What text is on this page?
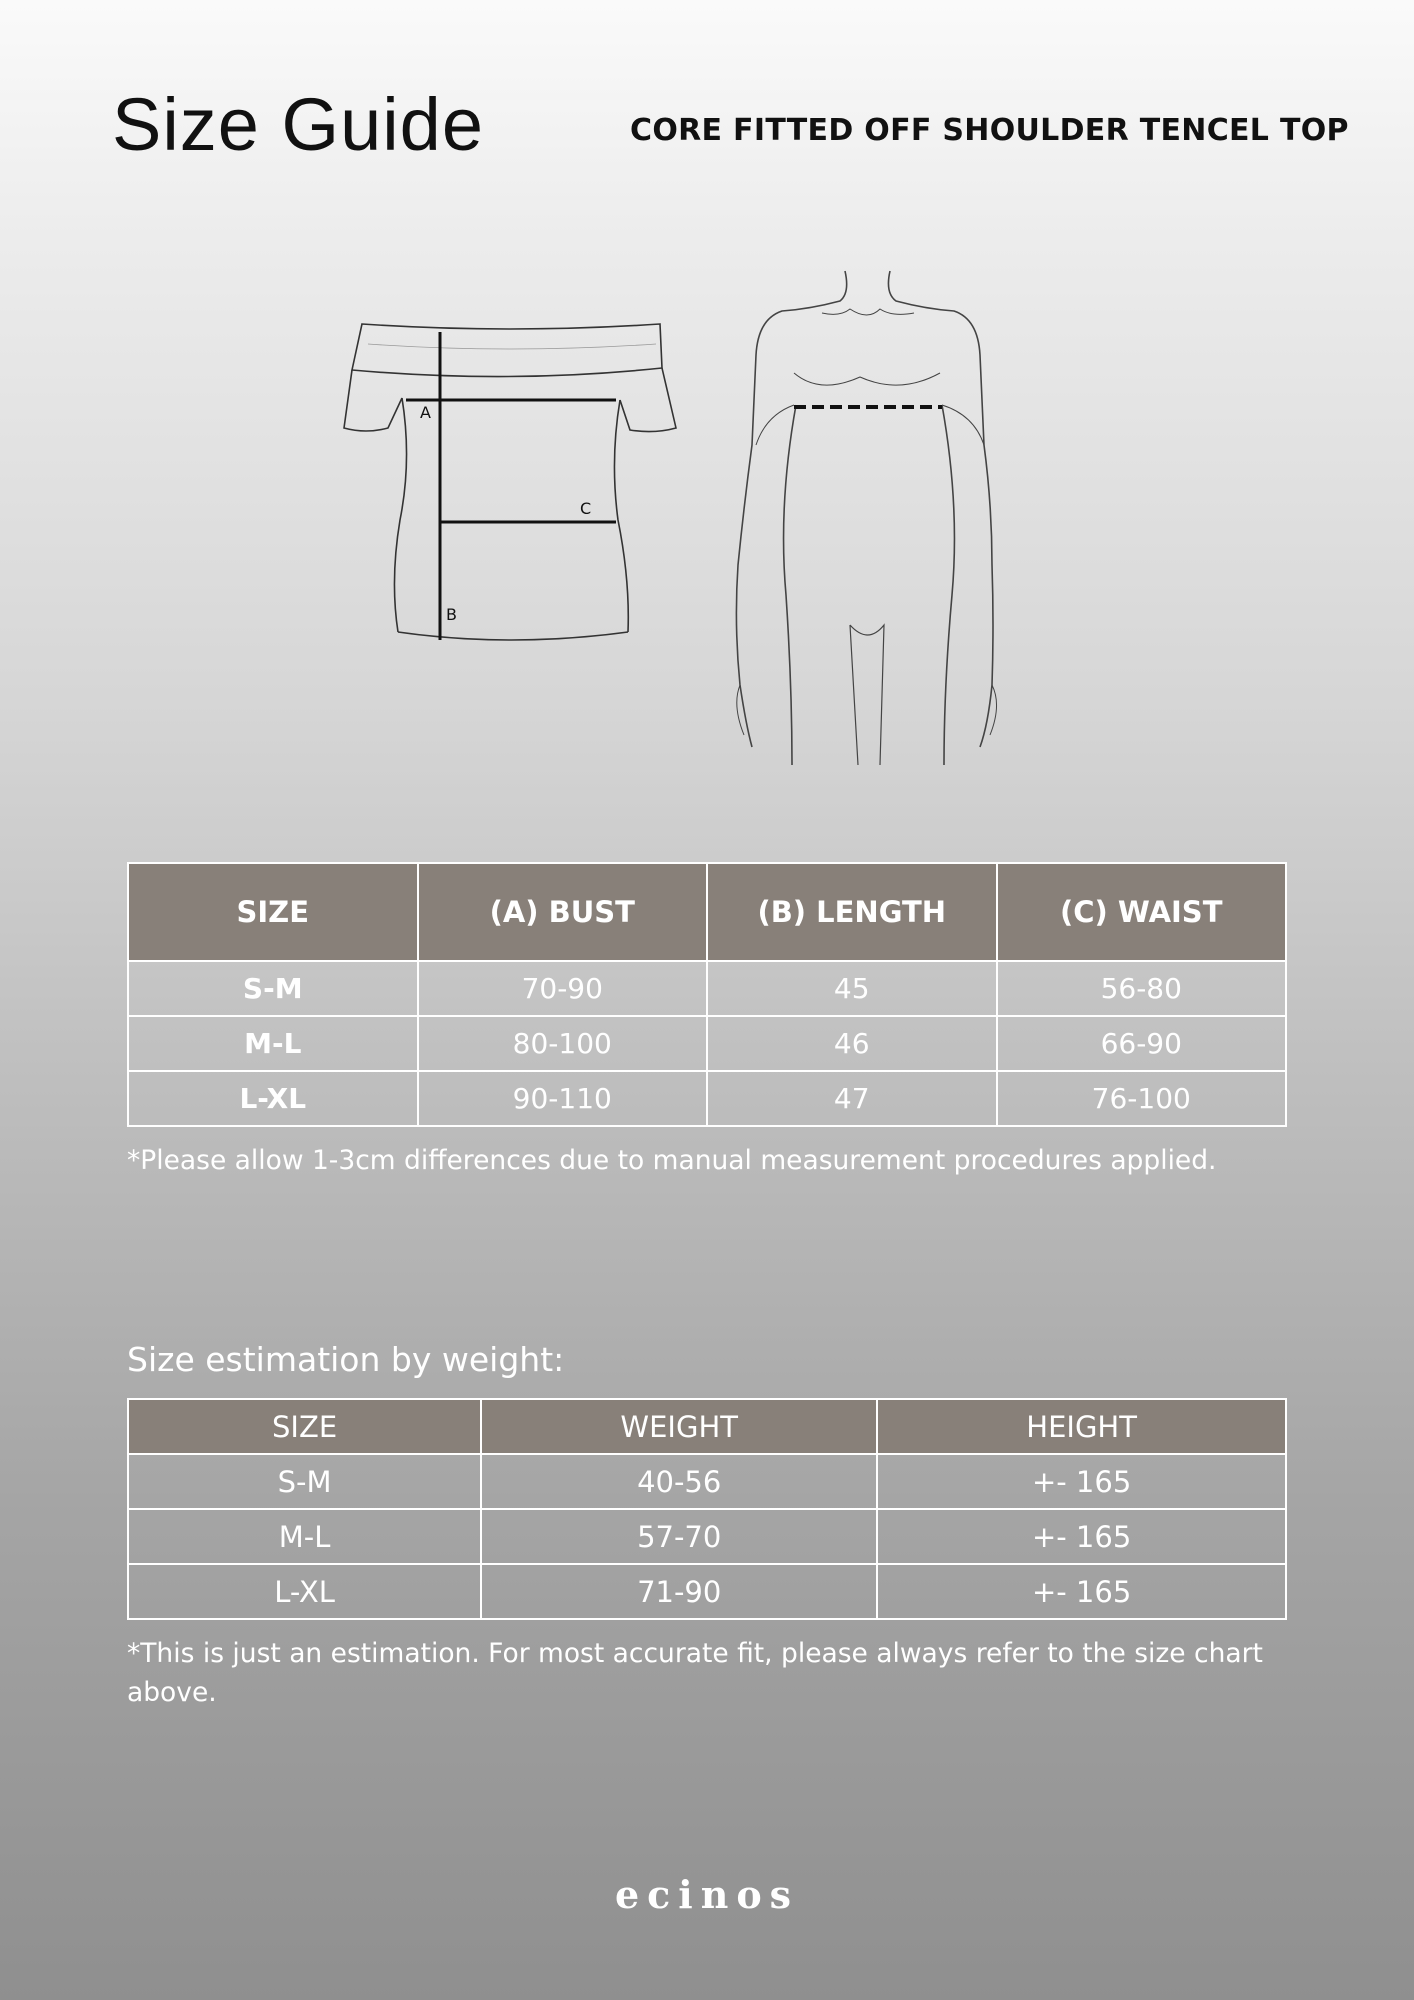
Size Guide	CORE FITTED OFF SHOULDER TENCEL TOP
A
C
B
SIZE	(A) BUST	(B) LENGTH	(C) WAIST
S-M	70-90	45	56-80
M-L	80-100	46	66-90
L-XL	90-110	47	76-100
*Please allow 1-3cm differences due to manual measurement procedures applied.
Size estimation by weight:
SIZE	WEIGHT	HEIGHT
S-M	40-56	+- 165
M-L	57-70	+- 165
L-XL	71-90	+- 165
*This is just an estimation. For most accurate fit, please always refer to the size chart above.
ecinos
